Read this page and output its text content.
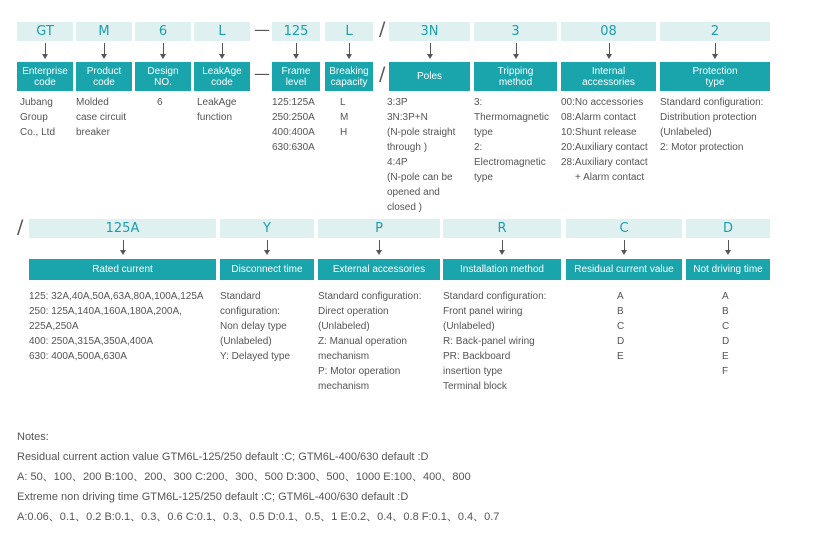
GT
Enterprise
code
Jubang
Group
Co., Ltd
M
Product
code
Molded
case circuit
breaker
6
Design
NO.
6
L
LeakAge
code
LeakAge
function
125
Frame
level
125:125A
250:250A
400:400A
630:630A
L
Breaking
capacity
L
M
H
3N
Poles
3:3P
3N:3P+N
(N-pole straight
through )
4:4P
(N-pole can be
opened and
closed )
3
Tripping
method
3:
Thermomagnetic
type
2:
Electromagnetic
type
08
Internal
accessories
00:No accessories
08:Alarm contact
10:Shunt release
20:Auxiliary contact
28:Auxiliary contact
+ Alarm contact
2
Protection
type
Standard configuration:
Distribution protection
(Unlabeled)
2: Motor protection
125A
Rated current
125: 32A,40A,50A,63A,80A,100A,125A
250: 125A,140A,160A,180A,200A,
225A,250A
400: 250A,315A,350A,400A
630: 400A,500A,630A
Y
Disconnect time
Standard
configuration:
Non delay type
(Unlabeled)
Y: Delayed type
P
External accessories
Standard configuration:
Direct operation
(Unlabeled)
Z: Manual operation
mechanism
P: Motor operation
mechanism
R
Installation method
Standard configuration:
Front panel wiring
(Unlabeled)
R: Back-panel wiring
PR: Backboard
insertion type
Terminal block
C
Residual current value
A
B
C
D
E
D
Not driving time
A
B
C
D
E
F
—
—
/
/
/
Notes:
Residual current action value GTM6L-125/250 default :C; GTM6L-400/630 default :D
A: 50、100、200 B:100、200、300 C:200、300、500 D:300、500、1000 E:100、400、800
Extreme non driving time GTM6L-125/250 default :C; GTM6L-400/630 default :D
A:0.06、0.1、0.2 B:0.1、0.3、0.6 C:0.1、0.3、0.5 D:0.1、0.5、1 E:0.2、0.4、0.8 F:0.1、0.4、0.7
